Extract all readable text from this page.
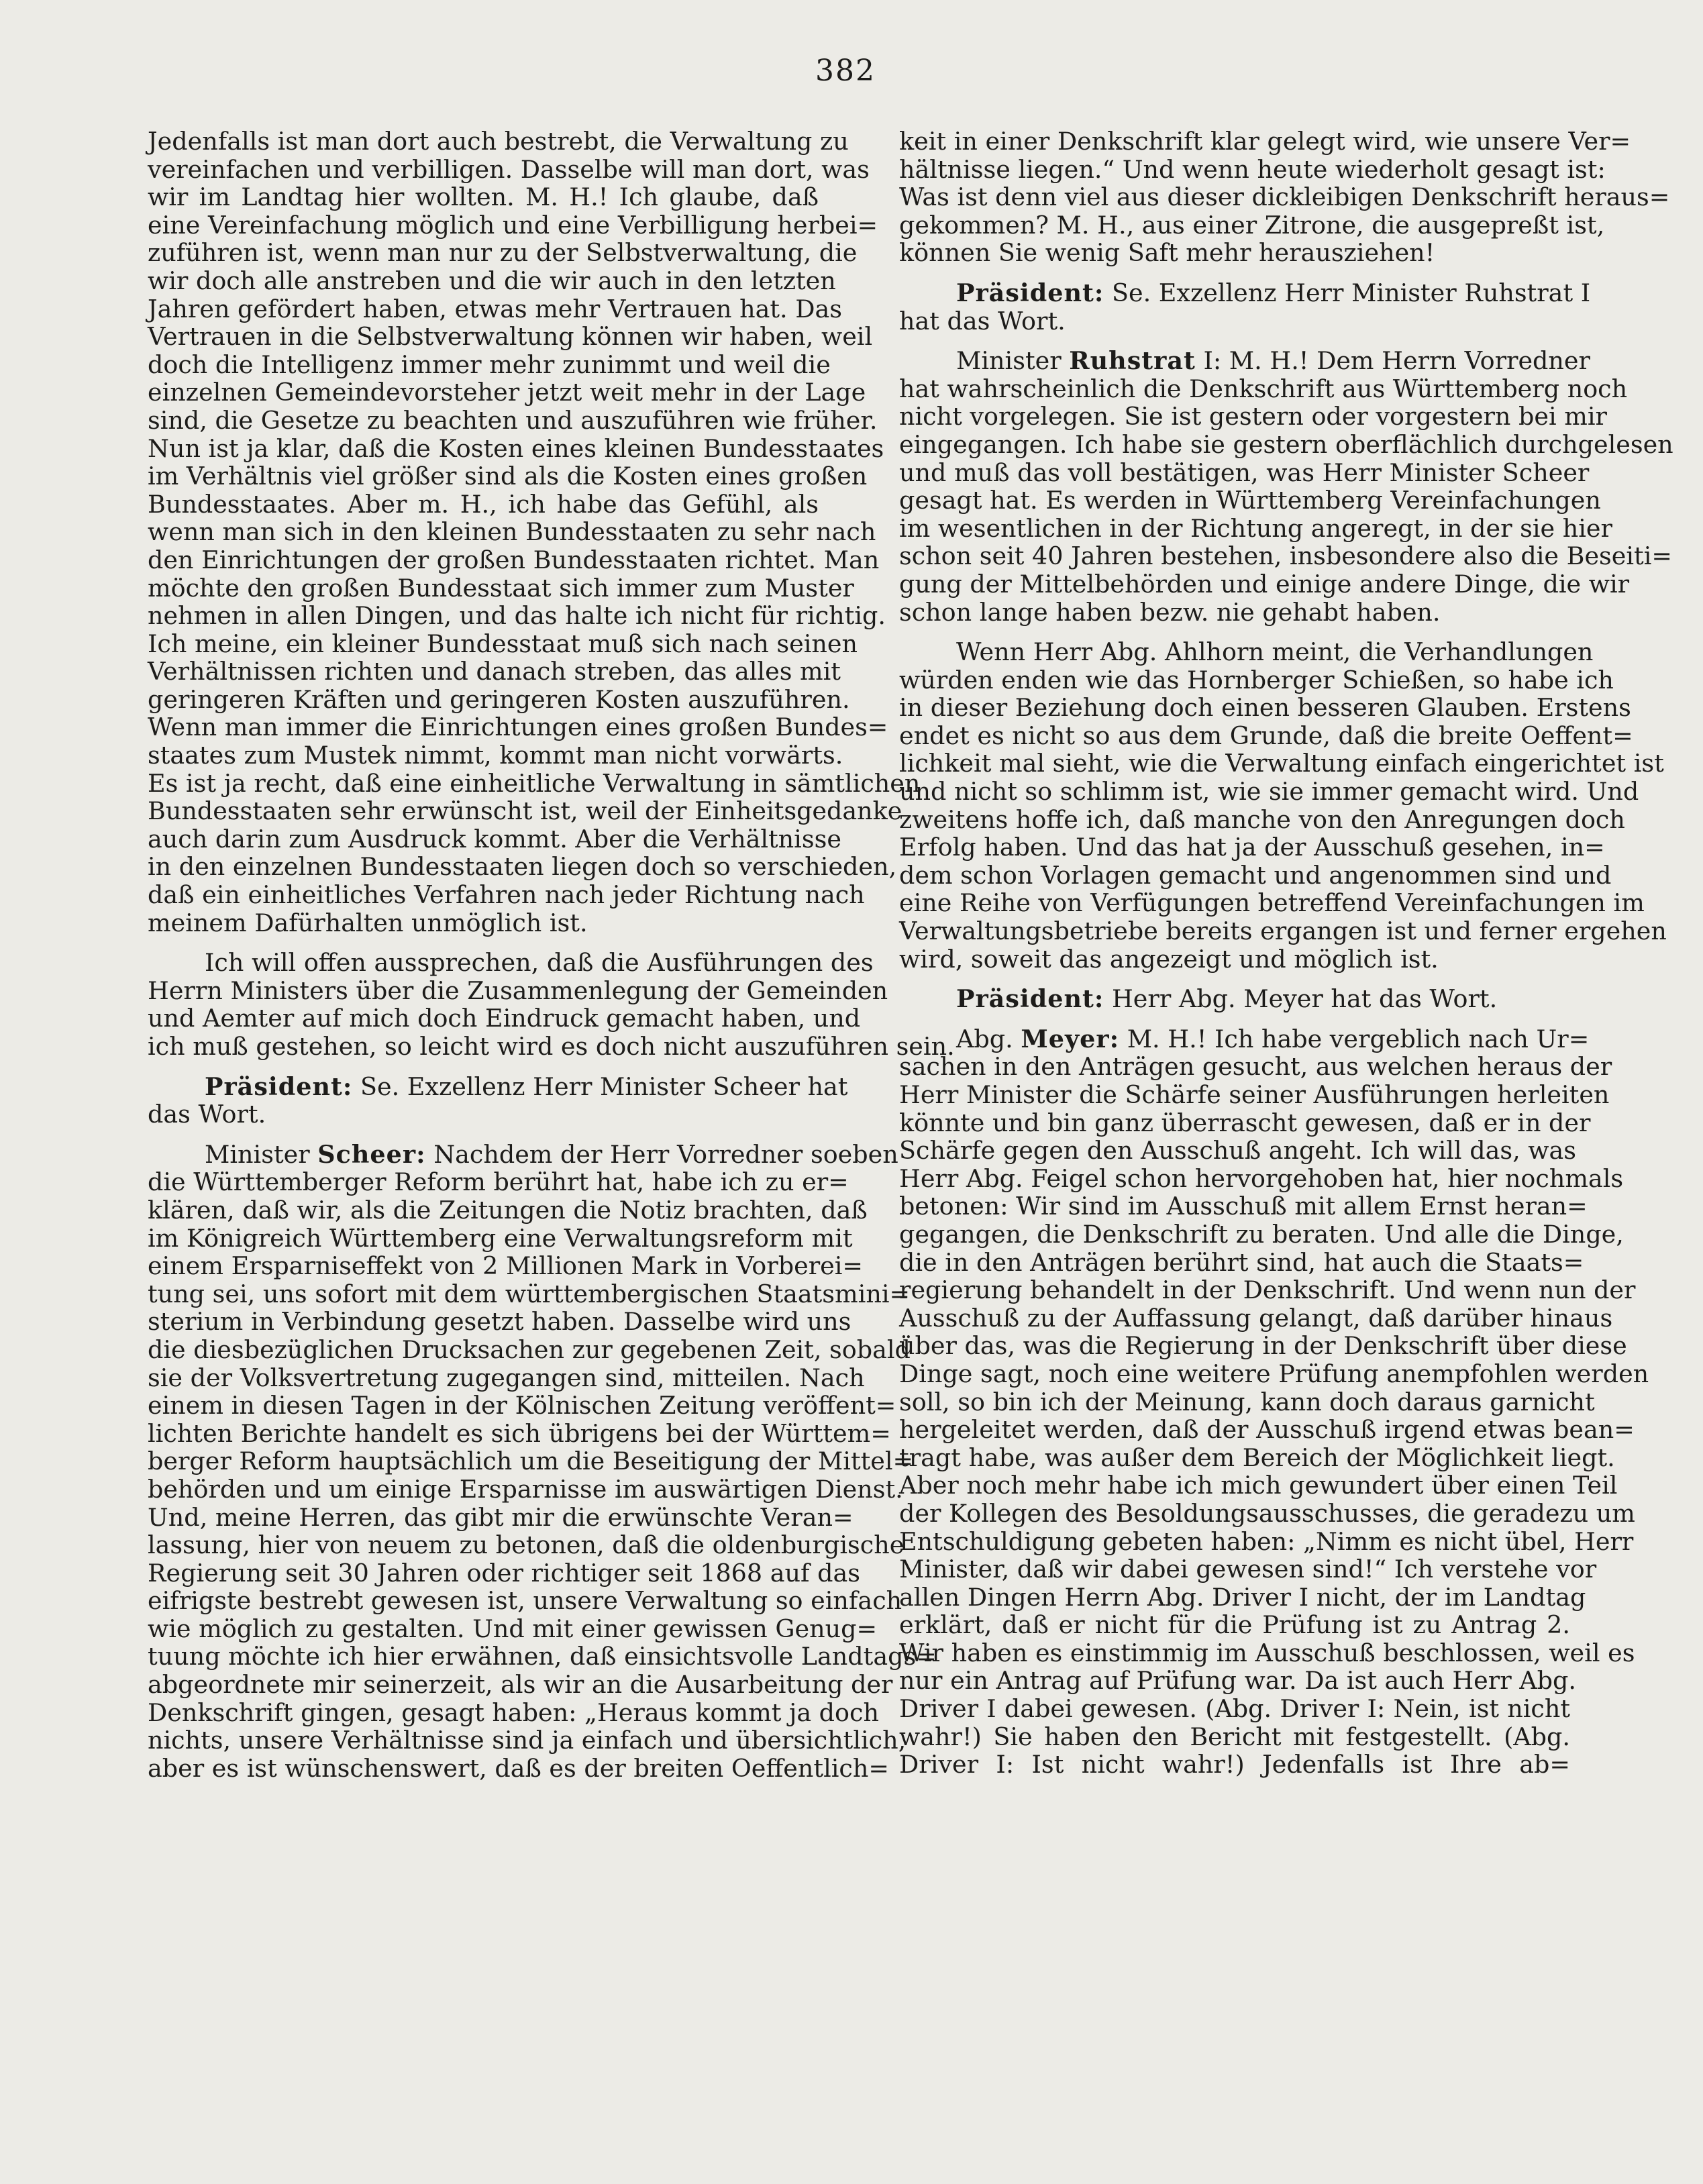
382
Jedenfalls ist man dort auch bestrebt, die Verwaltung zu
vereinfachen und verbilligen. Dasselbe will man dort, was
wir im Landtag hier wollten. M. H.! Ich glaube, daß
eine Vereinfachung möglich und eine Verbilligung herbei=
zuführen ist, wenn man nur zu der Selbstverwaltung, die
wir doch alle anstreben und die wir auch in den letzten
Jahren gefördert haben, etwas mehr Vertrauen hat. Das
Vertrauen in die Selbstverwaltung können wir haben, weil
doch die Intelligenz immer mehr zunimmt und weil die
einzelnen Gemeindevorsteher jetzt weit mehr in der Lage
sind, die Gesetze zu beachten und auszuführen wie früher.
Nun ist ja klar, daß die Kosten eines kleinen Bundesstaates
im Verhältnis viel größer sind als die Kosten eines großen
Bundesstaates. Aber m. H., ich habe das Gefühl, als
wenn man sich in den kleinen Bundesstaaten zu sehr nach
den Einrichtungen der großen Bundesstaaten richtet. Man
möchte den großen Bundesstaat sich immer zum Muster
nehmen in allen Dingen, und das halte ich nicht für richtig.
Ich meine, ein kleiner Bundesstaat muß sich nach seinen
Verhältnissen richten und danach streben, das alles mit
geringeren Kräften und geringeren Kosten auszuführen.
Wenn man immer die Einrichtungen eines großen Bundes=
staates zum Mustek nimmt, kommt man nicht vorwärts.
Es ist ja recht, daß eine einheitliche Verwaltung in sämtlichen
Bundesstaaten sehr erwünscht ist, weil der Einheitsgedanke
auch darin zum Ausdruck kommt. Aber die Verhältnisse
in den einzelnen Bundesstaaten liegen doch so verschieden,
daß ein einheitliches Verfahren nach jeder Richtung nach
meinem Dafürhalten unmöglich ist.
Ich will offen aussprechen, daß die Ausführungen des
Herrn Ministers über die Zusammenlegung der Gemeinden
und Aemter auf mich doch Eindruck gemacht haben, und
ich muß gestehen, so leicht wird es doch nicht auszuführen sein.
Präsident: Se. Exzellenz Herr Minister Scheer hat
das Wort.
Minister Scheer: Nachdem der Herr Vorredner soeben
die Württemberger Reform berührt hat, habe ich zu er=
klären, daß wir, als die Zeitungen die Notiz brachten, daß
im Königreich Württemberg eine Verwaltungsreform mit
einem Ersparniseffekt von 2 Millionen Mark in Vorberei=
tung sei, uns sofort mit dem württembergischen Staatsmini=
sterium in Verbindung gesetzt haben. Dasselbe wird uns
die diesbezüglichen Drucksachen zur gegebenen Zeit, sobald
sie der Volksvertretung zugegangen sind, mitteilen. Nach
einem in diesen Tagen in der Kölnischen Zeitung veröffent=
lichten Berichte handelt es sich übrigens bei der Württem=
berger Reform hauptsächlich um die Beseitigung der Mittel=
behörden und um einige Ersparnisse im auswärtigen Dienst.
Und, meine Herren, das gibt mir die erwünschte Veran=
lassung, hier von neuem zu betonen, daß die oldenburgische
Regierung seit 30 Jahren oder richtiger seit 1868 auf das
eifrigste bestrebt gewesen ist, unsere Verwaltung so einfach
wie möglich zu gestalten. Und mit einer gewissen Genug=
tuung möchte ich hier erwähnen, daß einsichtsvolle Landtags=
abgeordnete mir seinerzeit, als wir an die Ausarbeitung der
Denkschrift gingen, gesagt haben: „Heraus kommt ja doch
nichts, unsere Verhältnisse sind ja einfach und übersichtlich,
aber es ist wünschenswert, daß es der breiten Oeffentlich=
keit in einer Denkschrift klar gelegt wird, wie unsere Ver=
hältnisse liegen.“ Und wenn heute wiederholt gesagt ist:
Was ist denn viel aus dieser dickleibigen Denkschrift heraus=
gekommen? M. H., aus einer Zitrone, die ausgepreßt ist,
können Sie wenig Saft mehr herausziehen!
Präsident: Se. Exzellenz Herr Minister Ruhstrat I
hat das Wort.
Minister Ruhstrat I: M. H.! Dem Herrn Vorredner
hat wahrscheinlich die Denkschrift aus Württemberg noch
nicht vorgelegen. Sie ist gestern oder vorgestern bei mir
eingegangen. Ich habe sie gestern oberflächlich durchgelesen
und muß das voll bestätigen, was Herr Minister Scheer
gesagt hat. Es werden in Württemberg Vereinfachungen
im wesentlichen in der Richtung angeregt, in der sie hier
schon seit 40 Jahren bestehen, insbesondere also die Beseiti=
gung der Mittelbehörden und einige andere Dinge, die wir
schon lange haben bezw. nie gehabt haben.
Wenn Herr Abg. Ahlhorn meint, die Verhandlungen
würden enden wie das Hornberger Schießen, so habe ich
in dieser Beziehung doch einen besseren Glauben. Erstens
endet es nicht so aus dem Grunde, daß die breite Oeffent=
lichkeit mal sieht, wie die Verwaltung einfach eingerichtet ist
und nicht so schlimm ist, wie sie immer gemacht wird. Und
zweitens hoffe ich, daß manche von den Anregungen doch
Erfolg haben. Und das hat ja der Ausschuß gesehen, in=
dem schon Vorlagen gemacht und angenommen sind und
eine Reihe von Verfügungen betreffend Vereinfachungen im
Verwaltungsbetriebe bereits ergangen ist und ferner ergehen
wird, soweit das angezeigt und möglich ist.
Präsident: Herr Abg. Meyer hat das Wort.
Abg. Meyer: M. H.! Ich habe vergeblich nach Ur=
sachen in den Anträgen gesucht, aus welchen heraus der
Herr Minister die Schärfe seiner Ausführungen herleiten
könnte und bin ganz überrascht gewesen, daß er in der
Schärfe gegen den Ausschuß angeht. Ich will das, was
Herr Abg. Feigel schon hervorgehoben hat, hier nochmals
betonen: Wir sind im Ausschuß mit allem Ernst heran=
gegangen, die Denkschrift zu beraten. Und alle die Dinge,
die in den Anträgen berührt sind, hat auch die Staats=
regierung behandelt in der Denkschrift. Und wenn nun der
Ausschuß zu der Auffassung gelangt, daß darüber hinaus
über das, was die Regierung in der Denkschrift über diese
Dinge sagt, noch eine weitere Prüfung anempfohlen werden
soll, so bin ich der Meinung, kann doch daraus garnicht
hergeleitet werden, daß der Ausschuß irgend etwas bean=
tragt habe, was außer dem Bereich der Möglichkeit liegt.
Aber noch mehr habe ich mich gewundert über einen Teil
der Kollegen des Besoldungsausschusses, die geradezu um
Entschuldigung gebeten haben: „Nimm es nicht übel, Herr
Minister, daß wir dabei gewesen sind!“ Ich verstehe vor
allen Dingen Herrn Abg. Driver I nicht, der im Landtag
erklärt, daß er nicht für die Prüfung ist zu Antrag 2.
Wir haben es einstimmig im Ausschuß beschlossen, weil es
nur ein Antrag auf Prüfung war. Da ist auch Herr Abg.
Driver I dabei gewesen. (Abg. Driver I: Nein, ist nicht
wahr!) Sie haben den Bericht mit festgestellt. (Abg.
Driver I: Ist nicht wahr!) Jedenfalls ist Ihre ab=
